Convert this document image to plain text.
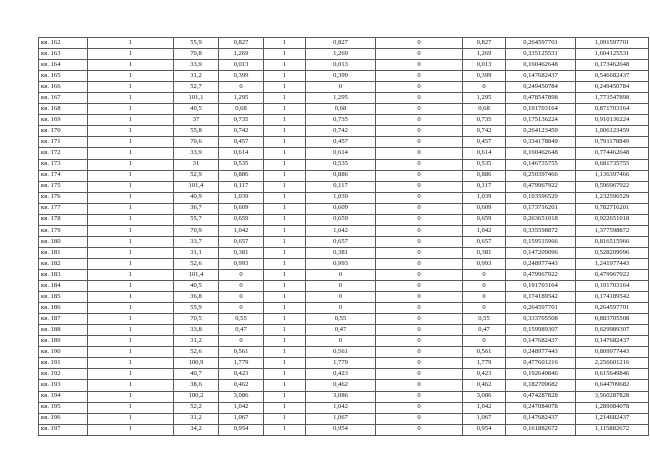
кв. 162	1	55,9	0,827	1	0,827	0	0,827	0,264597701	1,091597701
кв. 163	1	70,8	1,269	1	1,269	0	1,269	0,335125531	1,604125531
кв. 164	1	33,9	0,013	1	0,013	0	0,013	0,160462648	0,173462648
кв. 165	1	31,2	0,399	1	0,399	0	0,399	0,147682437	0,546682437
кв. 166	1	52,7	0	1	0	0	0	0,249450784	0,249450784
кв. 167	1	101,1	1,295	1	1,295	0	1,295	0,478547898	1,773547898
кв. 168	1	40,5	0,68	1	0,68	0	0,68	0,191703164	0,871703164
кв. 169	1	37	0,735	1	0,735	0	0,735	0,175136224	0,910136224
кв. 170	1	55,8	0,742	1	0,742	0	0,742	0,264123459	1,006123459
кв. 171	1	70,6	0,457	1	0,457	0	0,457	0,334178849	0,791178849
кв. 172	1	33,9	0,614	1	0,614	0	0,614	0,160462648	0,774462648
кв. 173	1	31	0,535	1	0,535	0	0,535	0,146735755	0,681735755
кв. 174	1	52,9	0,886	1	0,886	0	0,886	0,250397466	1,136397466
кв. 175	1	101,4	0,117	1	0,117	0	0,117	0,479967922	0,596967922
кв. 176	1	40,9	1,039	1	1,039	0	1,039	0,193596529	1,232596529
кв. 177	1	36,7	0,609	1	0,609	0	0,609	0,173716201	0,782716201
кв. 178	1	55,7	0,659	1	0,659	0	0,659	0,263651018	0,922651018
кв. 179	1	70,9	1,042	1	1,042	0	1,042	0,335598872	1,377598872
кв. 180	1	33,7	0,657	1	0,657	0	0,657	0,159515966	0,816515966
кв. 181	1	31,1	0,381	1	0,381	0	0,381	0,147209096	0,528209096
кв. 182	1	52,6	0,993	1	0,993	0	0,993	0,248977443	1,241977443
кв. 183	1	101,4	0	1	0	0	0	0,479967922	0,479967922
кв. 184	1	40,5	0	1	0	0	0	0,191703164	0,191703164
кв. 185	1	36,8	0	1	0	0	0	0,174189542	0,174189542
кв. 186	1	55,9	0	1	0	0	0	0,264597701	0,264597701
кв. 187	1	70,5	0,55	1	0,55	0	0,55	0,333705508	0,883705508
кв. 188	1	33,8	0,47	1	0,47	0	0,47	0,159989307	0,629989307
кв. 189	1	31,2	0	1	0	0	0	0,147682437	0,147682437
кв. 190	1	52,6	0,561	1	0,561	0	0,561	0,248977443	0,809977443
кв. 191	1	100,9	1,779	1	1,779	0	1,779	0,477601216	2,256601216
кв. 192	1	40,7	0,423	1	0,423	0	0,423	0,192649846	0,615649846
кв. 193	1	38,6	0,462	1	0,462	0	0,462	0,182709682	0,644709682
кв. 194	1	100,2	3,086	1	3,086	0	3,086	0,474287828	3,560287828
кв. 195	1	52,2	1,042	1	1,042	0	1,042	0,247084078	1,289084078
кв. 196	1	31,2	1,067	1	1,067	0	1,067	0,147682437	1,214682437
кв. 197	1	34,2	0,954	1	0,954	0	0,954	0,161882672	1,115882672
